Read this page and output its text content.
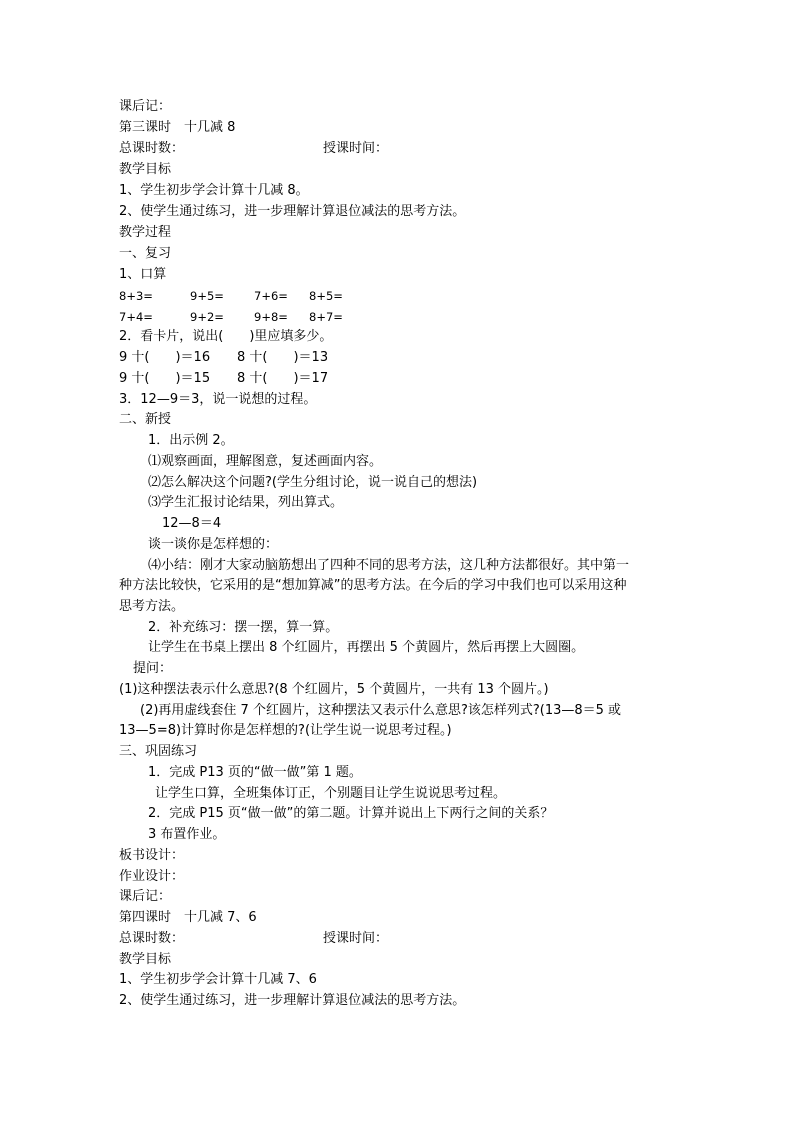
课后记：
第三课时　十几减 8
总课时数：	授课时间：
教学目标
1、学生初步学会计算十几减 8。
2、使学生通过练习，进一步理解计算退位减法的思考方法。
教学过程
一、复习
1、口算
8+3=	9+5=	7+6= 8+5=
7+4=	9+2=	9+8= 8+7=
2．看卡片，说出(　　)里应填多少。
9 十(　　)＝16 8 十(　　)＝13
9 十(　　)＝15 8 十(　　)＝17
3．12—9＝3，说一说想的过程。
二、新授
1．出示例 2。
⑴观察画面，理解图意，复述画面内容。
⑵怎么解决这个问题?(学生分组讨论，说一说自己的想法)
⑶学生汇报讨论结果，列出算式。
12—8＝4
谈一谈你是怎样想的：
⑷小结：刚才大家动脑筋想出了四种不同的思考方法，这几种方法都很好。其中第一
种方法比较快，它采用的是“想加算减”的思考方法。在今后的学习中我们也可以采用这种
思考方法。
2．补充练习：摆一摆，算一算。
让学生在书桌上摆出 8 个红圆片，再摆出 5 个黄圆片，然后再摆上大圆圈。
提问：
(1)这种摆法表示什么意思?(8 个红圆片，5 个黄圆片，一共有 13 个圆片。)
(2)再用虚线套住 7 个红圆片，这种摆法又表示什么意思?该怎样列式?(13—8＝5 或
13—5=8)计算时你是怎样想的?(让学生说一说思考过程。)
三、巩固练习
1．完成 P13 页的“做一做”第 1 题。
让学生口算，全班集体订正，个别题目让学生说说思考过程。
2．完成 P15 页“做一做”的第二题。计算并说出上下两行之间的关系？
3 布置作业。
板书设计：
作业设计：
课后记：
第四课时　十几减 7、6
总课时数：	授课时间：
教学目标
1、学生初步学会计算十几减 7、6
2、使学生通过练习，进一步理解计算退位减法的思考方法。
